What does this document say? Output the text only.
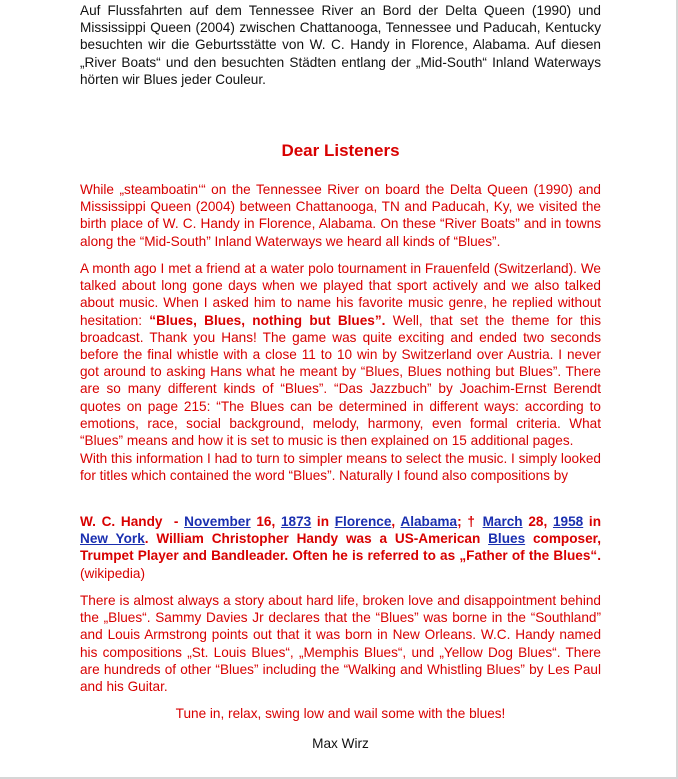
Auf Flussfahrten auf dem Tennessee River an Bord der Delta Queen (1990) und Mississippi Queen (2004) zwischen Chattanooga, Tennessee und Paducah, Kentucky besuchten wir die Geburtsstätte von W. C. Handy in Florence, Alabama. Auf diesen „River Boats“ und den besuchten Städten entlang der „Mid-South“ Inland Waterways hörten wir Blues jeder Couleur.

Dear Listeners

While „steamboatin‘“ on the Tennessee River on board the Delta Queen (1990) and Mississippi Queen (2004) between Chattanooga, TN and Paducah, Ky, we visited the birth place of W. C. Handy in Florence, Alabama. On these “River Boats” and in towns along the “Mid-South” Inland Waterways we heard all kinds of “Blues”.

A month ago I met a friend at a water polo tournament in Frauenfeld (Switzerland). We talked about long gone days when we played that sport actively and we also talked about music. When I asked him to name his favorite music genre, he replied without hesitation: “Blues, Blues, nothing but Blues”. Well, that set the theme for this broadcast. Thank you Hans! The game was quite exciting and ended two seconds before the final whistle with a close 11 to 10 win by Switzerland over Austria. I never got around to asking Hans what he meant by “Blues, Blues nothing but Blues”. There are so many different kinds of “Blues”. “Das Jazzbuch” by Joachim-Ernst Berendt quotes on page 215: “The Blues can be determined in different ways: according to emotions, race, social background, melody, harmony, even formal criteria. What “Blues” means and how it is set to music is then explained on 15 additional pages.

With this information I had to turn to simpler means to select the music. I simply looked for titles which contained the word “Blues”. Naturally I found also compositions by

W. C. Handy  - November 16, 1873 in Florence, Alabama; † March 28, 1958 in New York. William Christopher Handy was a US-American Blues composer, Trumpet Player and Bandleader. Often he is referred to as „Father of the Blues“. (wikipedia)

There is almost always a story about hard life, broken love and disappointment behind the „Blues“. Sammy Davies Jr declares that the “Blues” was borne in the “Southland” and Louis Armstrong points out that it was born in New Orleans. W.C. Handy named his compositions „St. Louis Blues“, „Memphis Blues“, und „Yellow Dog Blues“. There are hundreds of other “Blues” including the “Walking and Whistling Blues” by Les Paul and his Guitar.

Tune in, relax, swing low and wail some with the blues!
Max Wirz
